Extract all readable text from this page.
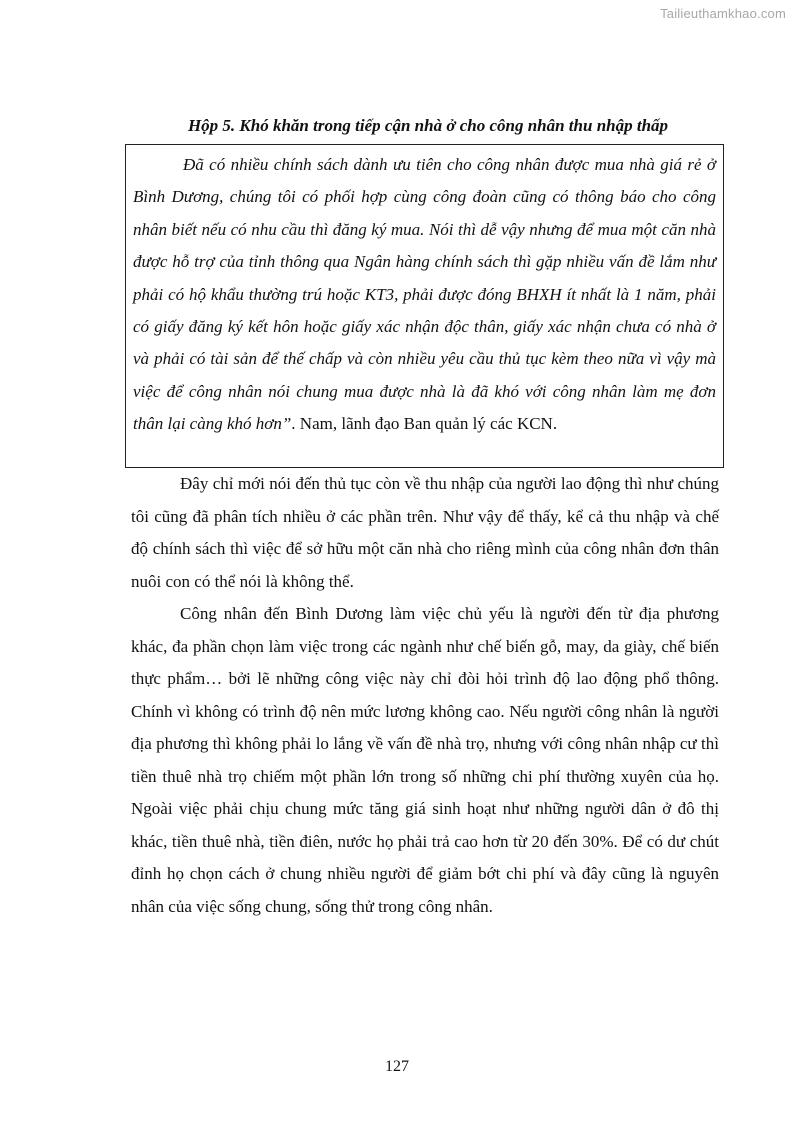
Tailieuthamkhao.com
Hộp 5. Khó khăn trong tiếp cận nhà ở cho công nhân thu nhập thấp

Đã có nhiều chính sách dành ưu tiên cho công nhân được mua nhà giá rẻ ở Bình Dương, chúng tôi có phối hợp cùng công đoàn cũng có thông báo cho công nhân biết nếu có nhu cầu thì đăng ký mua. Nói thì dễ vậy nhưng để mua một căn nhà được hỗ trợ của tỉnh thông qua Ngân hàng chính sách thì gặp nhiều vấn đề lắm như phải có hộ khẩu thường trú hoặc KT3, phải được đóng BHXH ít nhất là 1 năm, phải có giấy đăng ký kết hôn hoặc giấy xác nhận độc thân, giấy xác nhận chưa có nhà ở và phải có tài sản để thế chấp và còn nhiều yêu cầu thủ tục kèm theo nữa vì vậy mà việc để công nhân nói chung mua được nhà là đã khó với công nhân làm mẹ đơn thân lại càng khó hơn”. Nam, lãnh đạo Ban quản lý các KCN.

Đây chỉ mới nói đến thủ tục còn về thu nhập của người lao động thì như chúng tôi cũng đã phân tích nhiều ở các phần trên. Như vậy để thấy, kể cả thu nhập và chế độ chính sách thì việc để sở hữu một căn nhà cho riêng mình của công nhân đơn thân nuôi con có thể nói là không thể.

Công nhân đến Bình Dương làm việc chủ yếu là người đến từ địa phương khác, đa phần chọn làm việc trong các ngành như chế biến gỗ, may, da giày, chế biến thực phẩm… bởi lẽ những công việc này chỉ đòi hỏi trình độ lao động phổ thông. Chính vì không có trình độ nên mức lương không cao. Nếu người công nhân là người địa phương thì không phải lo lắng về vấn đề nhà trọ, nhưng với công nhân nhập cư thì tiền thuê nhà trọ chiếm một phần lớn trong số những chi phí thường xuyên của họ. Ngoài việc phải chịu chung mức tăng giá sinh hoạt như những người dân ở đô thị khác, tiền thuê nhà, tiền điên, nước họ phải trả cao hơn từ 20 đến 30%. Để có dư chút đỉnh họ chọn cách ở chung nhiều người để giảm bớt chi phí và đây cũng là nguyên nhân của việc sống chung, sống thử trong công nhân.

127
